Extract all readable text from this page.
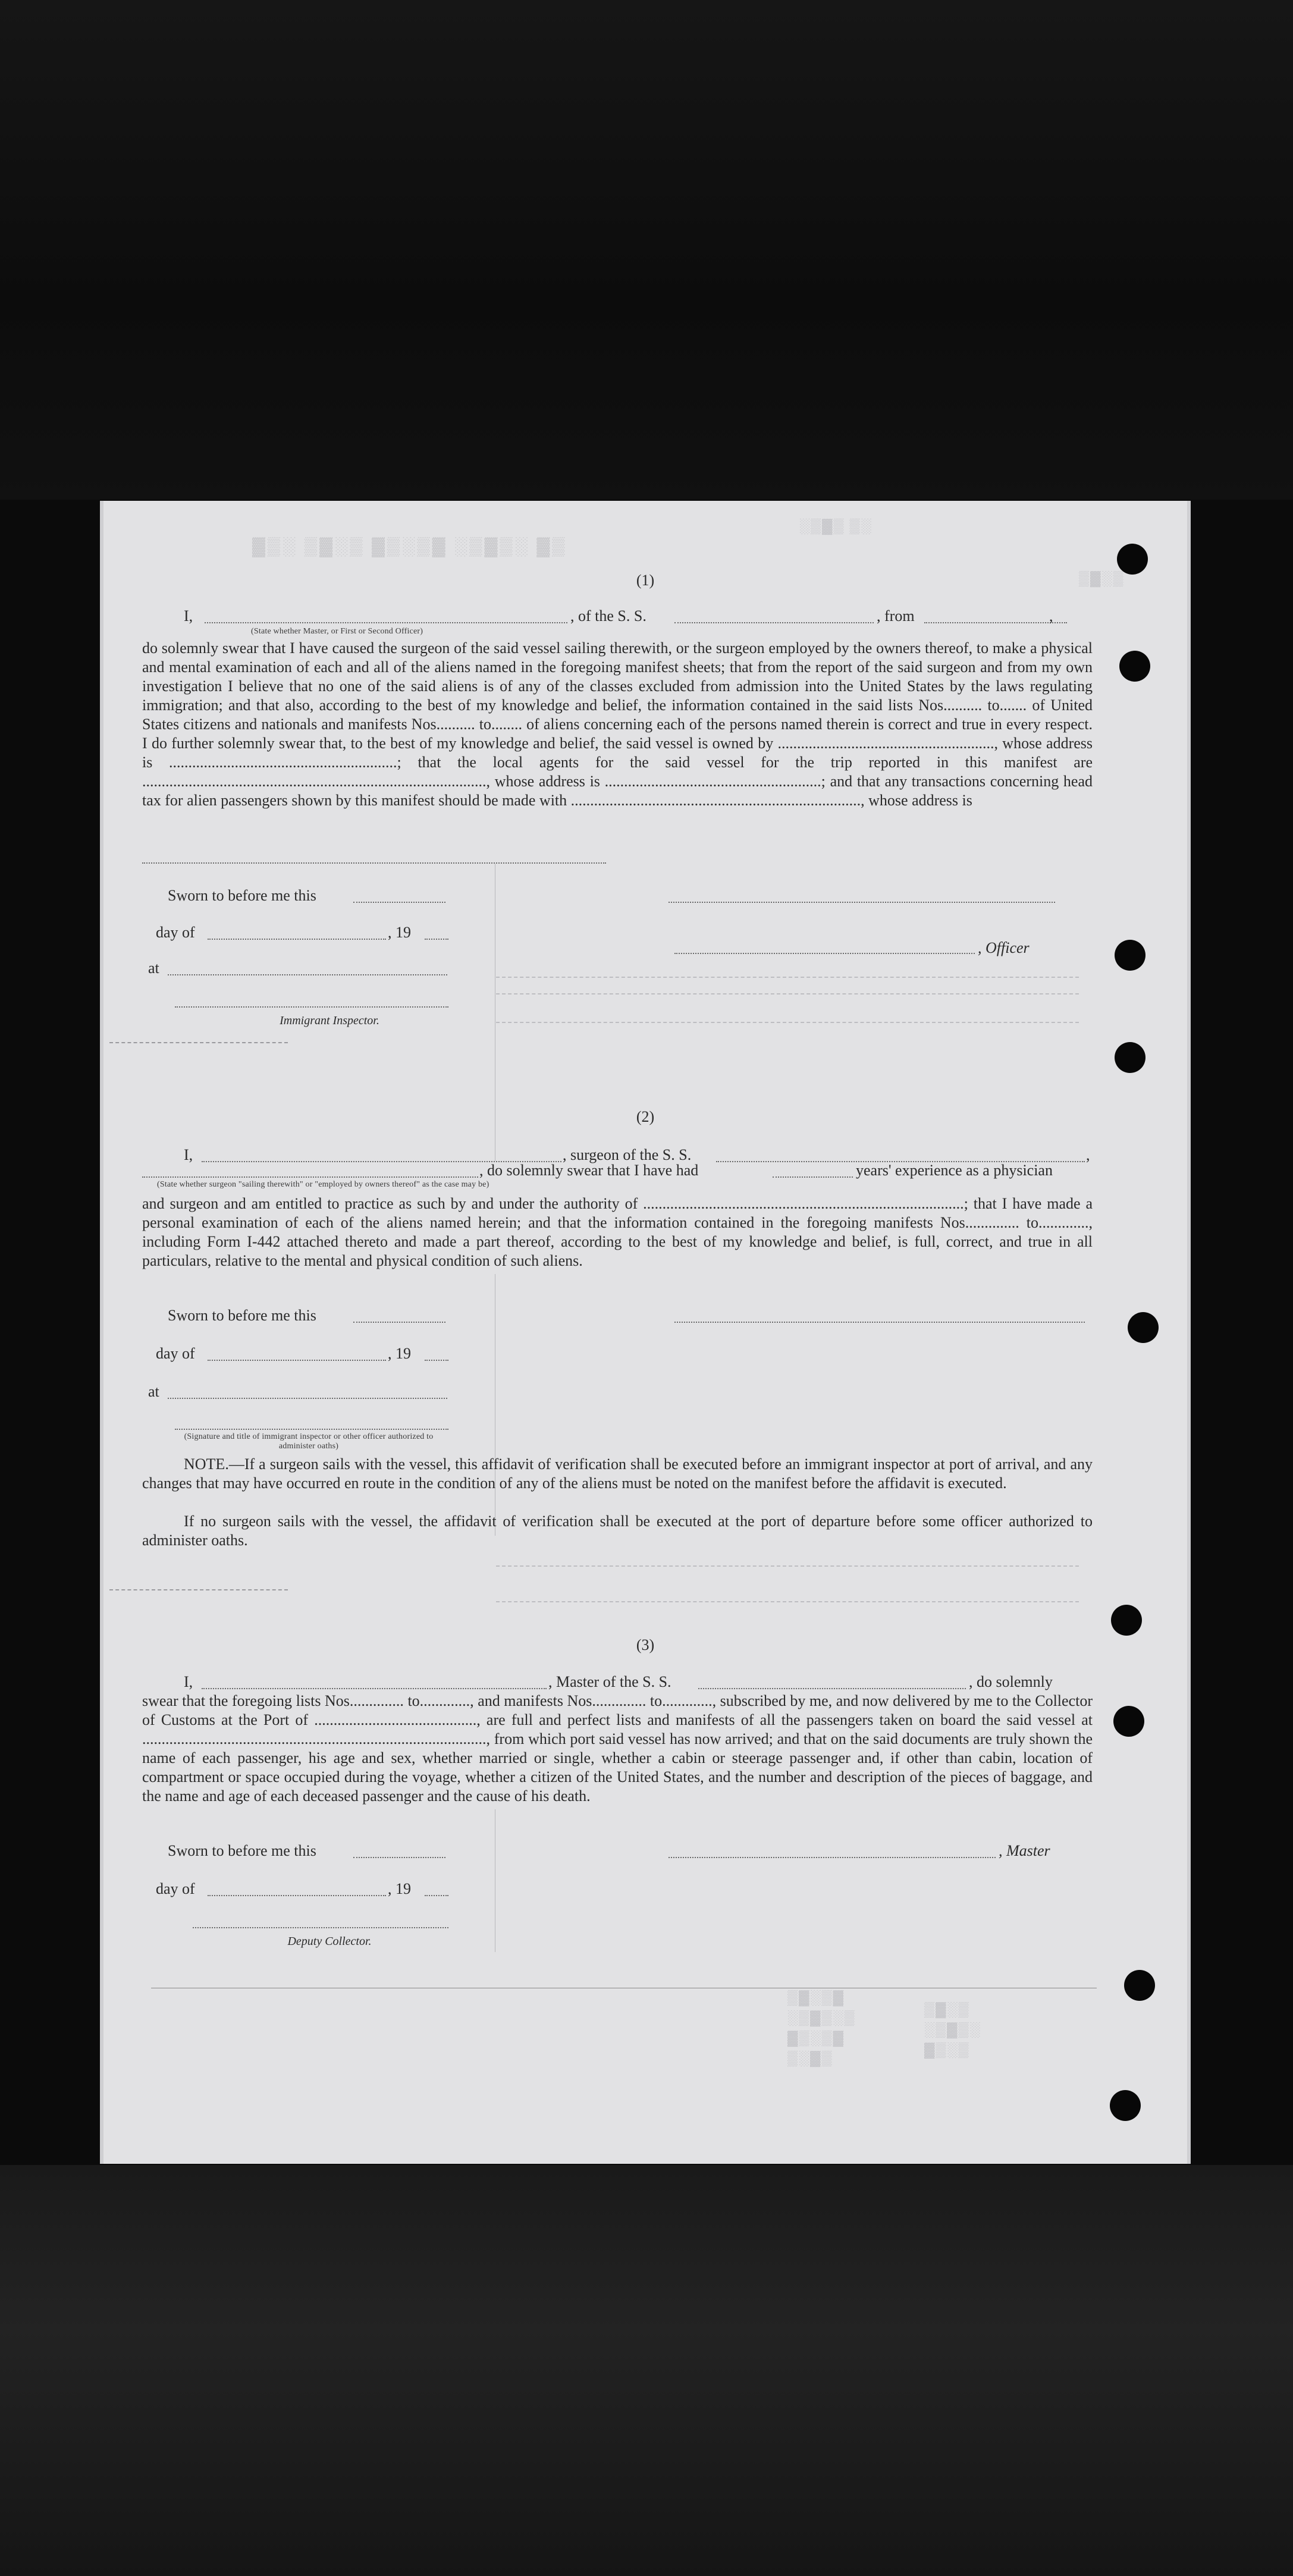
▓▒░ ▒▓░▒ ▓▒░▒▓ ░▒▓▒░ ▓▒
░▒▓▒ ▒░
▒▓░▒
(1)
I,	, of the S. S.	, from	,
(State whether Master, or First or Second Officer)
do solemnly swear that I have caused the surgeon of the said vessel sailing therewith, or the surgeon employed by the owners thereof, to make a physical and mental examination of each and all of the aliens named in the foregoing manifest sheets; that from the report of the said surgeon and from my own investigation I believe that no one of the said aliens is of any of the classes excluded from admission into the United States by the laws regulating immigration; and that also, according to the best of my knowledge and belief, the information contained in the said lists Nos.......... to....... of United States citizens and nationals and manifests Nos.......... to........ of aliens concerning each of the persons named therein is correct and true in every respect. I do further solemnly swear that, to the best of my knowledge and belief, the said vessel is owned by ........................................................, whose address is ...........................................................; that the local agents for the said vessel for the trip reported in this manifest are ........................................................................................., whose address is ........................................................; and that any transactions concerning head tax for alien passengers shown by this manifest should be made with ..........................................................................., whose address is
Sworn to before me this
day of	, 19
, Officer
at
Immigrant Inspector.
(2)
I,	, surgeon of the S. S.	,
, do solemnly swear that I have had	years' experience as a physician
(State whether surgeon "sailing therewith" or "employed by owners thereof" as the case may be)
and surgeon and am entitled to practice as such by and under the authority of ...................................................................................; that I have made a personal examination of each of the aliens named herein; and that the information contained in the foregoing manifests Nos.............. to............., including Form I-442 attached thereto and made a part thereof, according to the best of my knowledge and belief, is full, correct, and true in all particulars, relative to the mental and physical condition of such aliens.
Sworn to before me this
day of	, 19
at
(Signature and title of immigrant inspector or other officer authorized to administer oaths)
NOTE.—If a surgeon sails with the vessel, this affidavit of verification shall be executed before an immigrant inspector at port of arrival, and any changes that may have occurred en route in the condition of any of the aliens must be noted on the manifest before the affidavit is executed.
If no surgeon sails with the vessel, the affidavit of verification shall be executed at the port of departure before some officer authorized to administer oaths.
(3)
I,	, Master of the S. S.	, do solemnly
swear that the foregoing lists Nos.............. to............., and manifests Nos.............. to............., subscribed by me, and now delivered by me to the Collector of Customs at the Port of .........................................., are full and perfect lists and manifests of all the passengers taken on board the said vessel at ........................................................................................., from which port said vessel has now arrived; and that on the said documents are truly shown the name of each passenger, his age and sex, whether married or single, whether a cabin or steerage passenger and, if other than cabin, location of compartment or space occupied during the voyage, whether a citizen of the United States, and the number and description of the pieces of baggage, and the name and age of each deceased passenger and the cause of his death.
Sworn to before me this	, Master
day of	, 19
Deputy Collector.
▒▓░▒▓
░▒▓▒░▒
▓▒░▒▓
▒░▓▒
▒▓░▒
░▒▓▒░
▓▒░▒
